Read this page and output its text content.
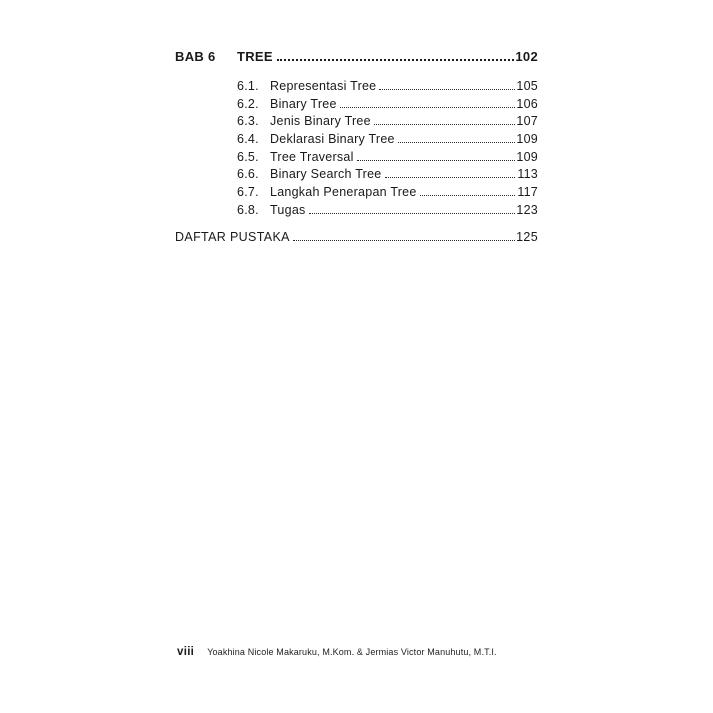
BAB 6	TREE	102
6.1. Representasi Tree	105
6.2. Binary Tree	106
6.3. Jenis Binary Tree	107
6.4. Deklarasi Binary Tree	109
6.5. Tree Traversal	109
6.6. Binary Search Tree	113
6.7. Langkah Penerapan Tree	117
6.8. Tugas	123
DAFTAR PUSTAKA	125
viii Yoakhina Nicole Makaruku, M.Kom. & Jermias Victor Manuhutu, M.T.I.
